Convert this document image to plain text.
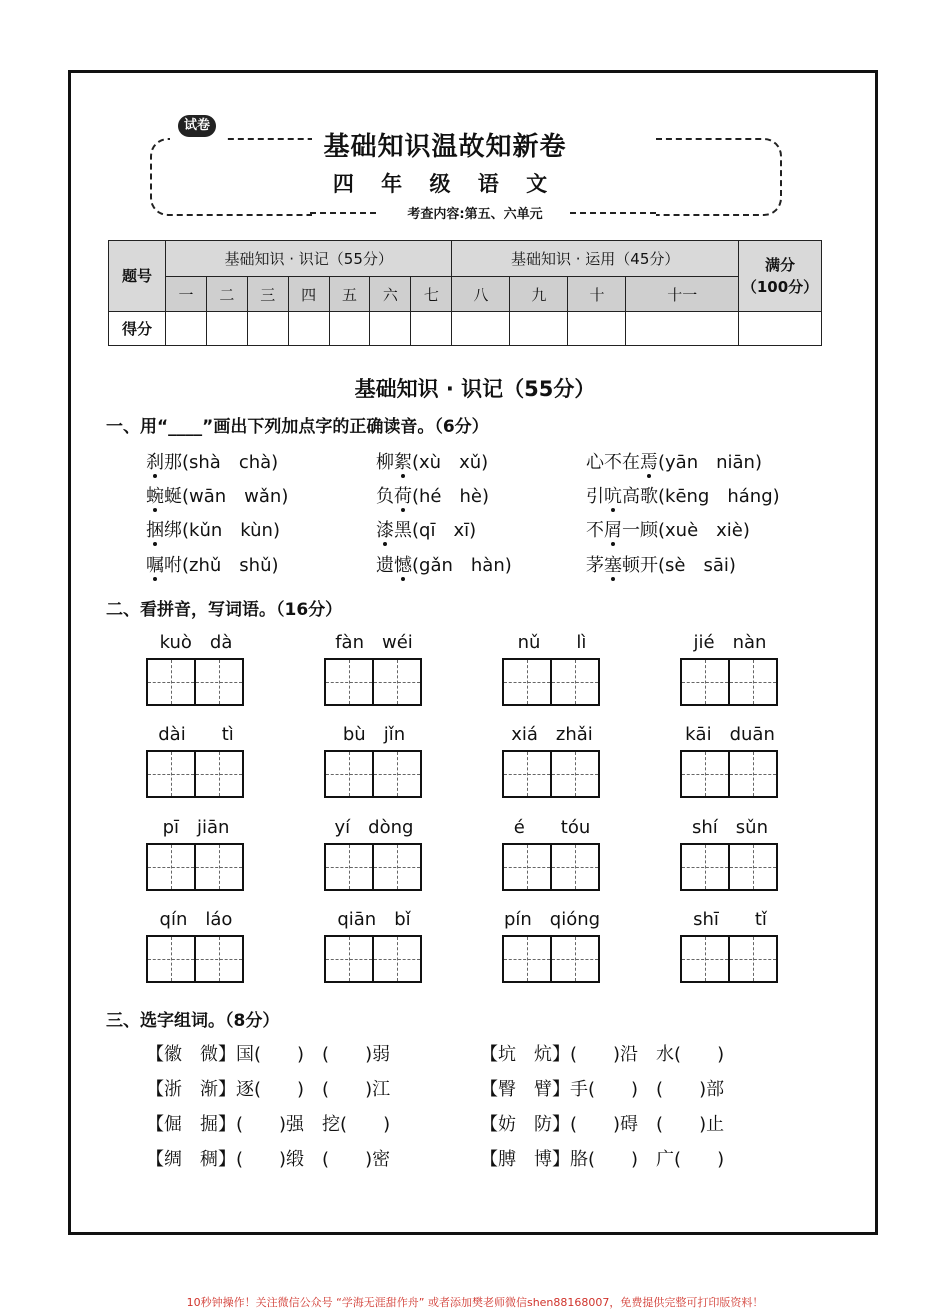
试卷
基础知识温故知新卷
四 年 级 语 文
考查内容:第五、六单元
题号	基础知识 · 识记（55分）							基础知识 · 运用（45分）				满分
（100分）

	一	二	三	四	五	六	七	八	九	十	十一	
得分												
基础知识 · 识记（55分）
一、用“____”画出下列加点字的正确读音。（6分）
刹那(shà　chà)	柳絮(xù　xǔ)	心不在焉(yān　niān)
蜿蜒(wān　wǎn)	负荷(hé　hè)	引吭高歌(kēng　háng)
捆绑(kǔn　kùn)	漆黑(qī　xī)	不屑一顾(xuè　xiè)
嘱咐(zhǔ　shǔ)	遗憾(gǎn　hàn)	茅塞顿开(sè　sāi)
二、看拼音，写词语。（16分）
kuò　dà	fàn　wéi	nǔ　　lì	jié　nàn
dài　　tì	bù　jǐn	xiá　zhǎi	kāi　duān
pī　jiān	yí　dòng	é　　tóu	shí　sǔn
qín　láo	qiān　bǐ	pín　qióng	shī　　tǐ
三、选字组词。（8分）
【徽　微】国(　　)　(　　)弱	【坑　炕】(　　)沿　水(　　)
【浙　渐】逐(　　)　(　　)江	【臀　臂】手(　　)　(　　)部
【倔　掘】(　　)强　挖(　　)	【妨　防】(　　)碍　(　　)止
【绸　稠】(　　)缎　(　　)密	【膊　博】胳(　　)　广(　　)
10秒钟操作！关注微信公众号 “学海无涯甜作舟” 或者添加樊老师微信shen88168007，免费提供完整可打印版资料！
